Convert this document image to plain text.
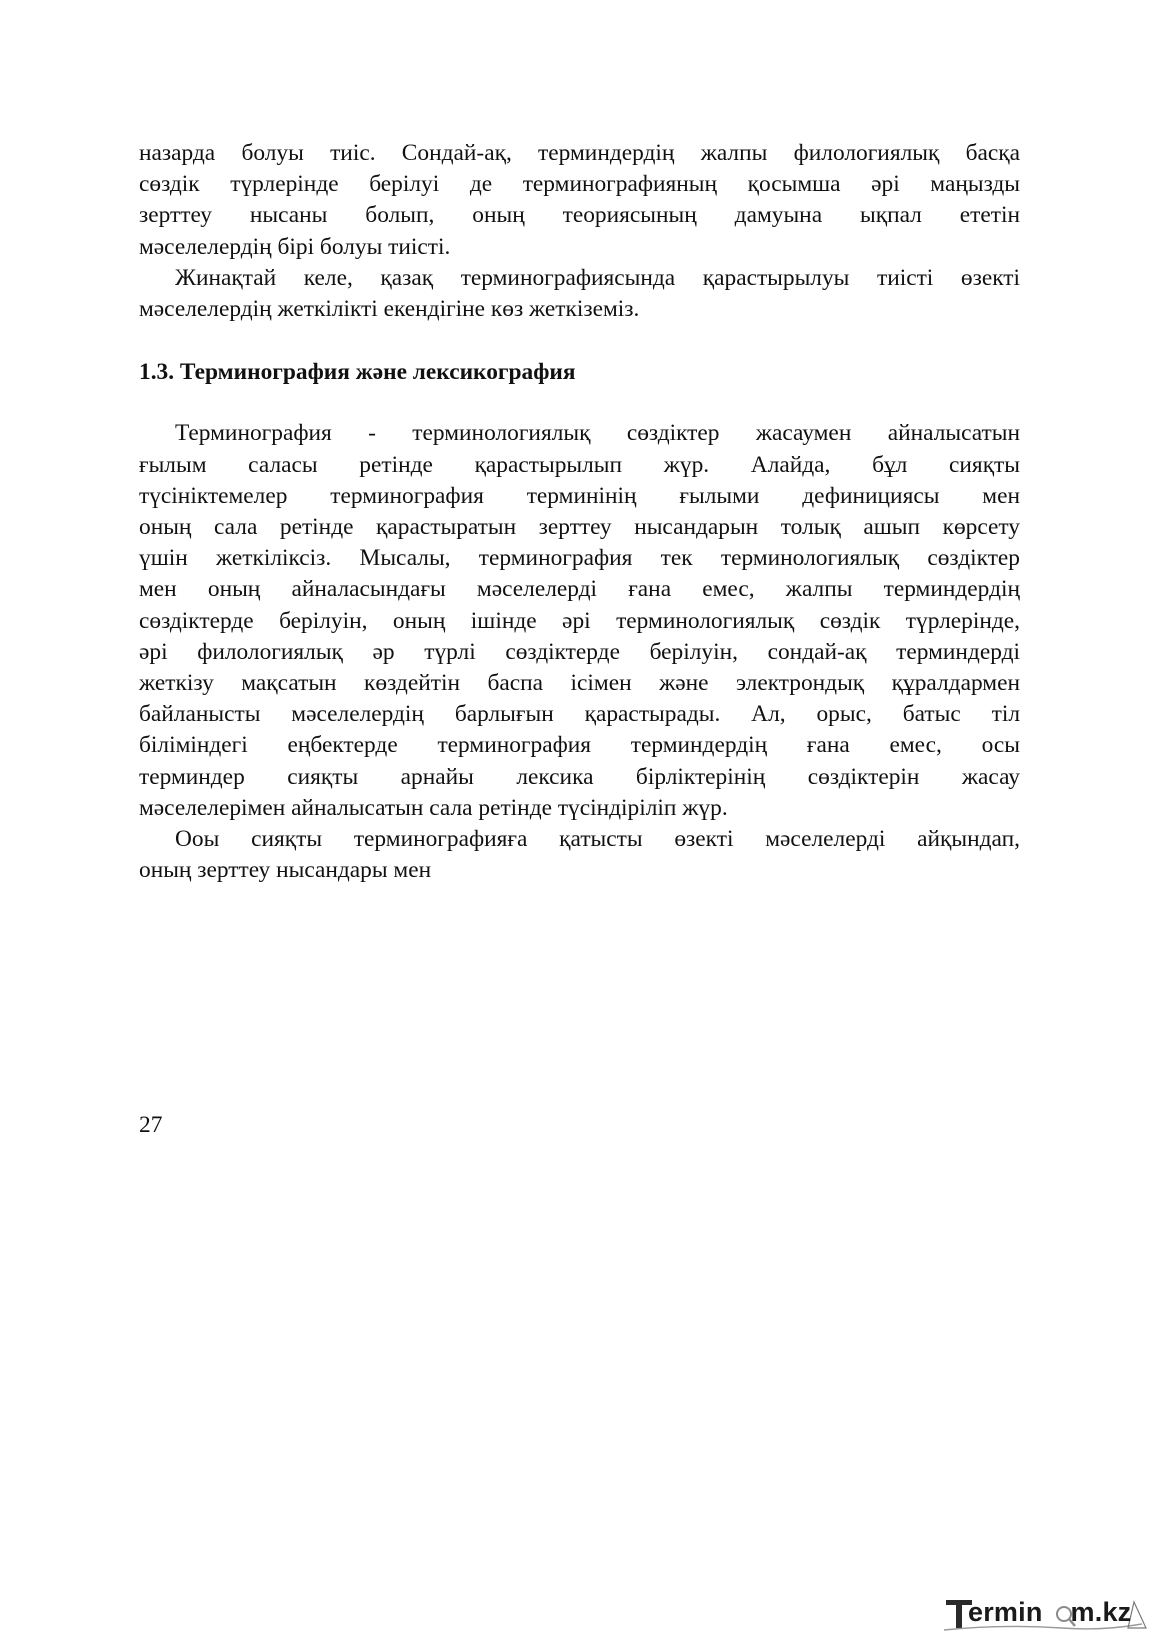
назарда болуы тиіс. Сондай-ақ, терминдердің жалпы филологиялық басқа
сөздік түрлерінде берілуі де терминографияның қосымша әрі маңызды
зерттеу нысаны болып, оның теориясының дамуына ықпал ететін
мәселелердің бірі болуы тиісті.

Жинақтай келе, қазақ терминографиясында қарастырылуы тиісті өзекті
мәселелердің жеткілікті екендігіне көз жеткіземіз.

1.3. Терминография және лексикография

Терминография - терминологиялық сөздіктер жасаумен айналысатын
ғылым саласы ретінде қарастырылып жүр. Алайда, бұл сияқты
түсініктемелер терминография терминінің ғылыми дефинициясы мен
оның сала ретінде қарастыратын зерттеу нысандарын толық ашып көрсету
үшін жеткіліксіз. Мысалы, терминография тек терминологиялық сөздіктер
мен оның айналасындағы мәселелерді ғана емес, жалпы терминдердің
сөздіктерде берілуін, оның ішінде әрі терминологиялық сөздік түрлерінде,
әрі филологиялық әр түрлі сөздіктерде берілуін, сондай-ақ терминдерді
жеткізу мақсатын көздейтін баспа ісімен және электрондық құралдармен
байланысты мәселелердің барлығын қарастырады. Ал, орыс, батыс тіл
біліміндегі еңбектерде терминография терминдердің ғана емес, осы
терминдер сияқты арнайы лексика бірліктерінің сөздіктерін жасау
мәселелерімен айналысатын сала ретінде түсіндіріліп жүр.

Ооы сияқты терминографияға қатысты өзекті мәселелерді айқындап,
оның зерттеу нысандары мен

27
ermin m.kz
